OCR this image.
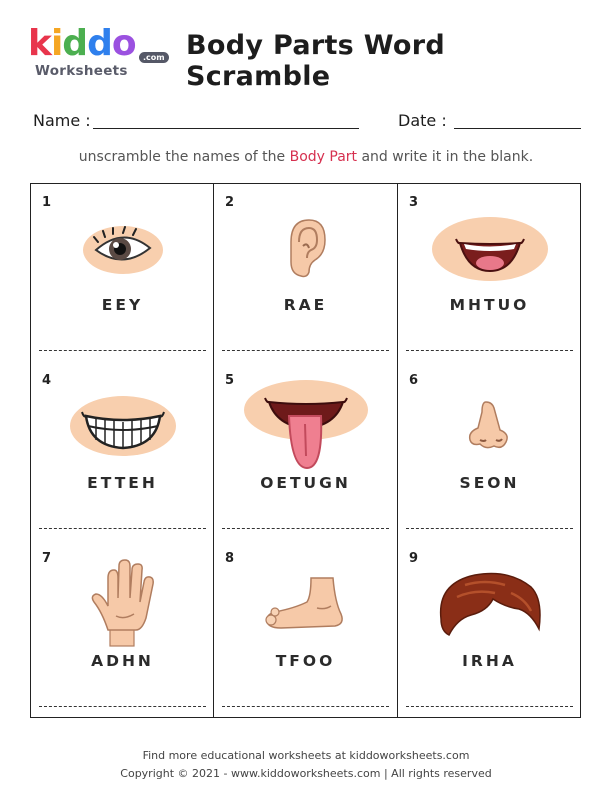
kiddo .com
Worksheets
Body Parts Word Scramble
Name :	Date :
unscramble the names of the Body Part and write it in the blank.
1
EEY
2
RAE
3
MHTUO
4
ETTEH
5
OETUGN
6
SEON
7
ADHN
8
TFOO
9
IRHA
Find more educational worksheets at kiddoworksheets.com
Copyright © 2021 - www.kiddoworksheets.com | All rights reserved
